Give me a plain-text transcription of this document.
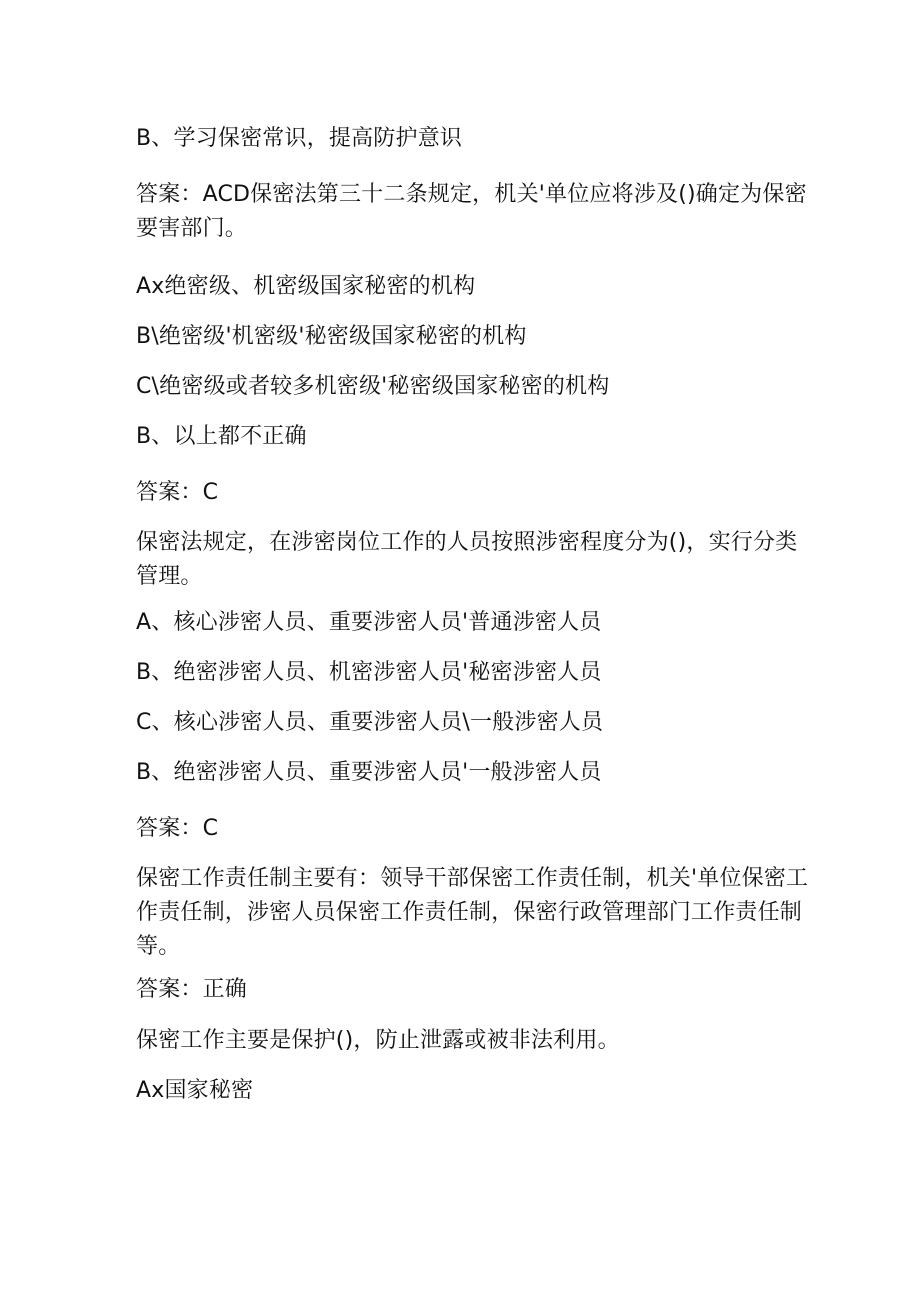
B、学习保密常识，提高防护意识
答案：ACD保密法第三十二条规定，机关'单位应将涉及()确定为保密要害部门。
Ax绝密级、机密级国家秘密的机构
B\绝密级'机密级'秘密级国家秘密的机构
C\绝密级或者较多机密级'秘密级国家秘密的机构
B、以上都不正确
答案：C
保密法规定，在涉密岗位工作的人员按照涉密程度分为()，实行分类管理。
A、核心涉密人员、重要涉密人员'普通涉密人员
B、绝密涉密人员、机密涉密人员'秘密涉密人员
C、核心涉密人员、重要涉密人员\一般涉密人员
B、绝密涉密人员、重要涉密人员'一般涉密人员
答案：C
保密工作责任制主要有：领导干部保密工作责任制，机关'单位保密工作责任制，涉密人员保密工作责任制，保密行政管理部门工作责任制等。
答案：正确
保密工作主要是保护()，防止泄露或被非法利用。
Ax国家秘密
